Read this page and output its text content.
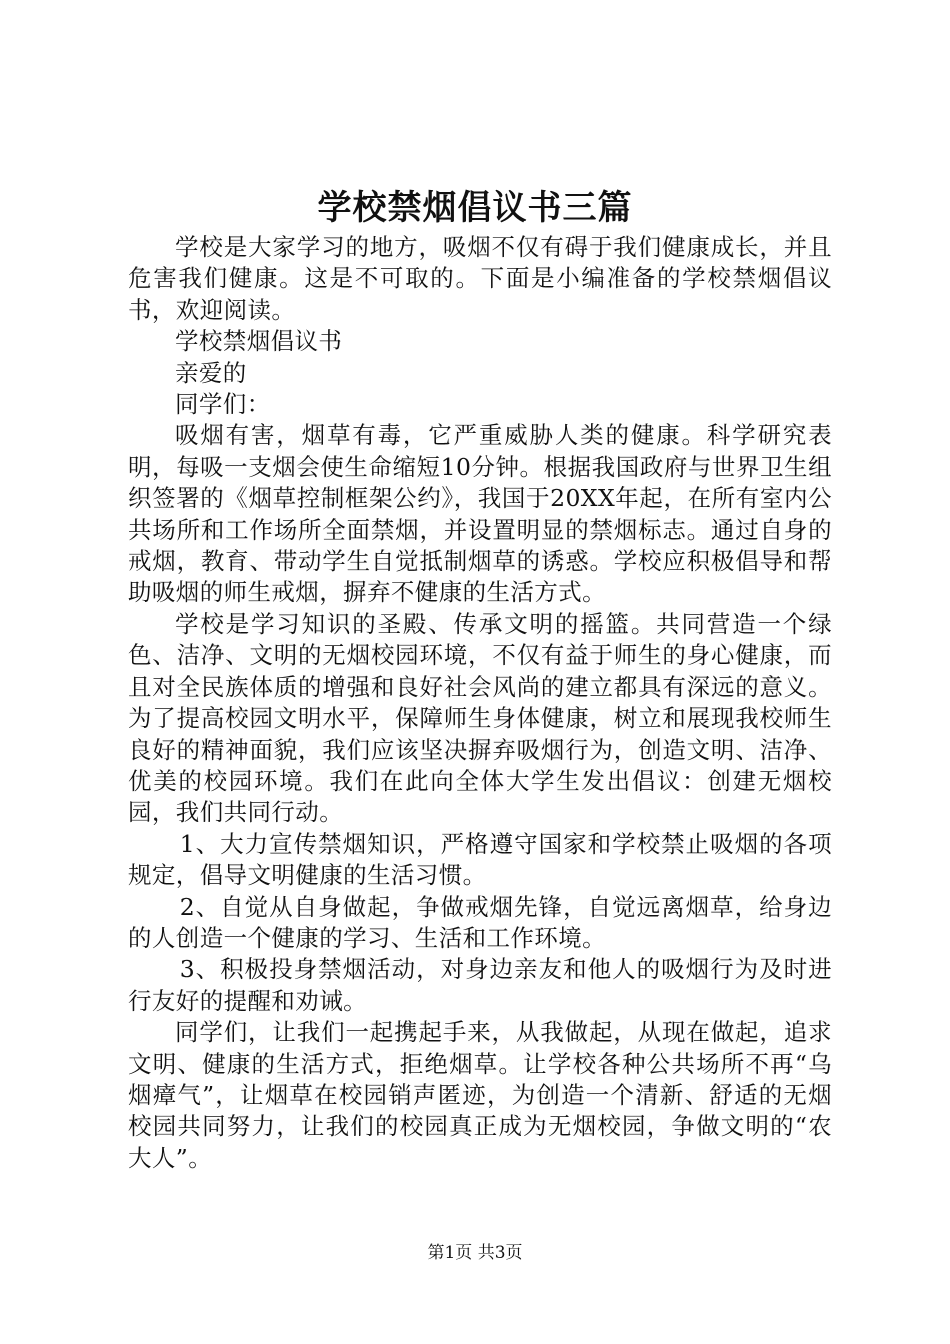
学校禁烟倡议书三篇

学校是大家学习的地方，吸烟不仅有碍于我们健康成长，并且危害我们健康。这是不可取的。下面是小编准备的学校禁烟倡议书，欢迎阅读。

学校禁烟倡议书

亲爱的

同学们：

吸烟有害，烟草有毒，它严重威胁人类的健康。科学研究表明，每吸一支烟会使生命缩短10分钟。根据我国政府与世界卫生组织签署的《烟草控制框架公约》，我国于20XX年起，在所有室内公共场所和工作场所全面禁烟，并设置明显的禁烟标志。通过自身的戒烟，教育、带动学生自觉抵制烟草的诱惑。学校应积极倡导和帮助吸烟的师生戒烟，摒弃不健康的生活方式。

学校是学习知识的圣殿、传承文明的摇篮。共同营造一个绿色、洁净、文明的无烟校园环境，不仅有益于师生的身心健康，而且对全民族体质的增强和良好社会风尚的建立都具有深远的意义。为了提高校园文明水平，保障师生身体健康，树立和展现我校师生良好的精神面貌，我们应该坚决摒弃吸烟行为，创造文明、洁净、优美的校园环境。我们在此向全体大学生发出倡议：创建无烟校园，我们共同行动。

1、大力宣传禁烟知识，严格遵守国家和学校禁止吸烟的各项规定，倡导文明健康的生活习惯。

2、自觉从自身做起，争做戒烟先锋，自觉远离烟草，给身边的人创造一个健康的学习、生活和工作环境。

3、积极投身禁烟活动，对身边亲友和他人的吸烟行为及时进行友好的提醒和劝诫。

同学们，让我们一起携起手来，从我做起，从现在做起，追求文明、健康的生活方式，拒绝烟草。让学校各种公共场所不再“乌烟瘴气”，让烟草在校园销声匿迹，为创造一个清新、舒适的无烟校园共同努力，让我们的校园真正成为无烟校园，争做文明的“农大人”。

第1页 共3页
